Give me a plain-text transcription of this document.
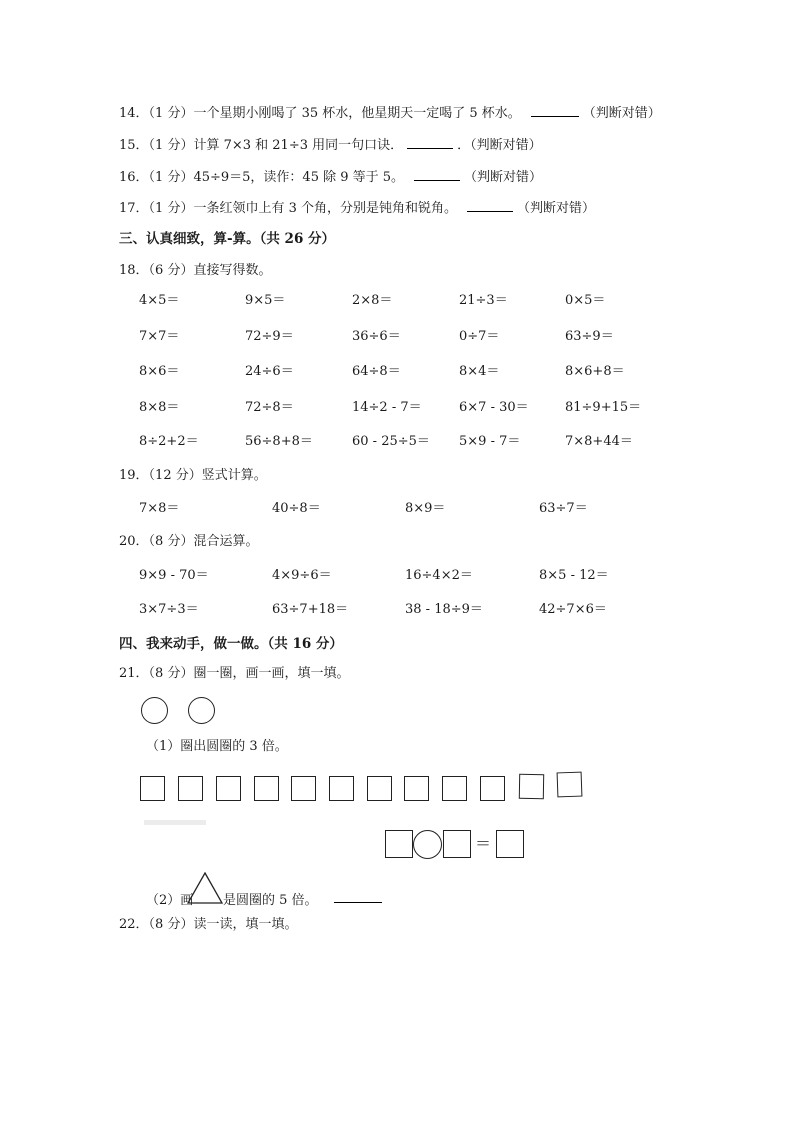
14．（1 分）一个星期小刚喝了 35 杯水，他星期天一定喝了 5 杯水。	（判断对错）
15．（1 分）计算 7×3 和 21÷3 用同一句口诀．	．（判断对错）
16．（1 分）45÷9＝5，读作：45 除 9 等于 5。	（判断对错）
17．（1 分）一条红领巾上有 3 个角，分别是钝角和锐角。	（判断对错）
三、认真细致，算-算。（共 26 分）
18．（6 分）直接写得数。
4×5＝	9×5＝	2×8＝	21÷3＝	0×5＝
7×7＝	72÷9＝	36÷6＝	0÷7＝	63÷9＝
8×6＝	24÷6＝	64÷8＝	8×4＝	8×6+8＝
8×8＝	72÷8＝	14÷2 - 7＝	6×7 - 30＝	81÷9+15＝
8÷2+2＝	56÷8+8＝	60 - 25÷5＝ 5×9 - 7＝	7×8+44＝
19．（12 分）竖式计算。
7×8＝	40÷8＝	8×9＝	63÷7＝
20．（8 分）混合运算。
9×9 - 70＝	4×9÷6＝	16÷4×2＝	8×5 - 12＝
3×7÷3＝	63÷7+18＝	38 - 18÷9＝	42÷7×6＝
四、我来动手，做一做。（共 16 分）
21．（8 分）圈一圈，画一画，填一填。
（1）圈出圆圈的 3 倍。
＝
（2）画 是圆圈的 5 倍。
22．（8 分）读一读，填一填。
